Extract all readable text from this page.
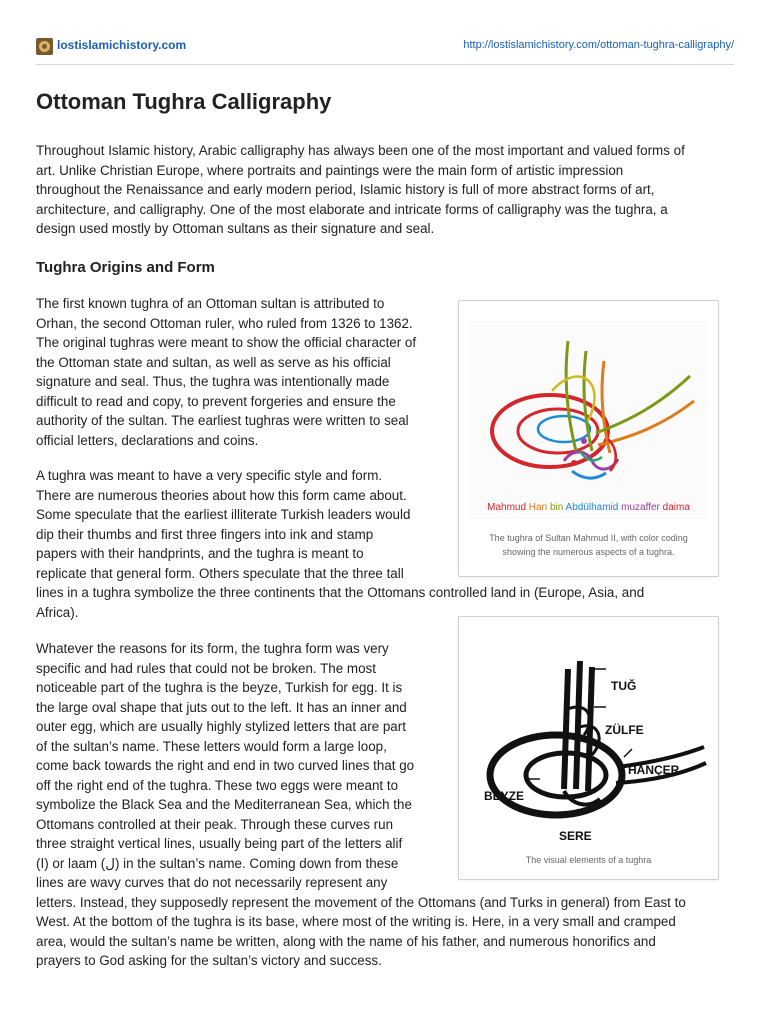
lostislamichistory.com	http://lostislamichistory.com/ottoman-tughra-calligraphy/
Ottoman Tughra Calligraphy
Throughout Islamic history, Arabic calligraphy has always been one of the most important and valued forms of
art. Unlike Christian Europe, where portraits and paintings were the main form of artistic impression
throughout the Renaissance and early modern period, Islamic history is full of more abstract forms of art,
architecture, and calligraphy. One of the most elaborate and intricate forms of calligraphy was the tughra, a
design used mostly by Ottoman sultans as their signature and seal.
Tughra Origins and Form
The first known tughra of an Ottoman sultan is attributed to
Orhan, the second Ottoman ruler, who ruled from 1326 to 1362.
The original tughras were meant to show the official character of
the Ottoman state and sultan, as well as serve as his official
signature and seal. Thus, the tughra was intentionally made
difficult to read and copy, to prevent forgeries and ensure the
authority of the sultan. The earliest tughras were written to seal
official letters, declarations and coins.
A tughra was meant to have a very specific style and form.
There are numerous theories about how this form came about.
Some speculate that the earliest illiterate Turkish leaders would
dip their thumbs and first three fingers into ink and stamp
papers with their handprints, and the tughra is meant to
replicate that general form. Others speculate that the three tall
lines in a tughra symbolize the three continents that the Ottomans controlled land in (Europe, Asia, and
Africa).
Whatever the reasons for its form, the tughra form was very
specific and had rules that could not be broken. The most
noticeable part of the tughra is the beyze, Turkish for egg. It is
the large oval shape that juts out to the left. It has an inner and
outer egg, which are usually highly stylized letters that are part
of the sultan’s name. These letters would form a large loop,
come back towards the right and end in two curved lines that go
off the right end of the tughra. These two eggs were meant to
symbolize the Black Sea and the Mediterranean Sea, which the
Ottomans controlled at their peak. Through these curves run
three straight vertical lines, usually being part of the letters alif
(ا) or laam (ل) in the sultan’s name. Coming down from these
lines are wavy curves that do not necessarily represent any
letters. Instead, they supposedly represent the movement of the Ottomans (and Turks in general) from East to
West. At the bottom of the tughra is its base, where most of the writing is. Here, in a very small and cramped
area, would the sultan’s name be written, along with the name of his father, and numerous honorifics and
prayers to God asking for the sultan’s victory and success.
Mahmud Han bin Abdülhamid muzaffer daima
The tughra of Sultan Mahmud II, with color coding
showing the numerous aspects of a tughra.
TUĞ
ZÜLFE
HANÇER
BEYZE
SERE
The visual elements of a tughra
